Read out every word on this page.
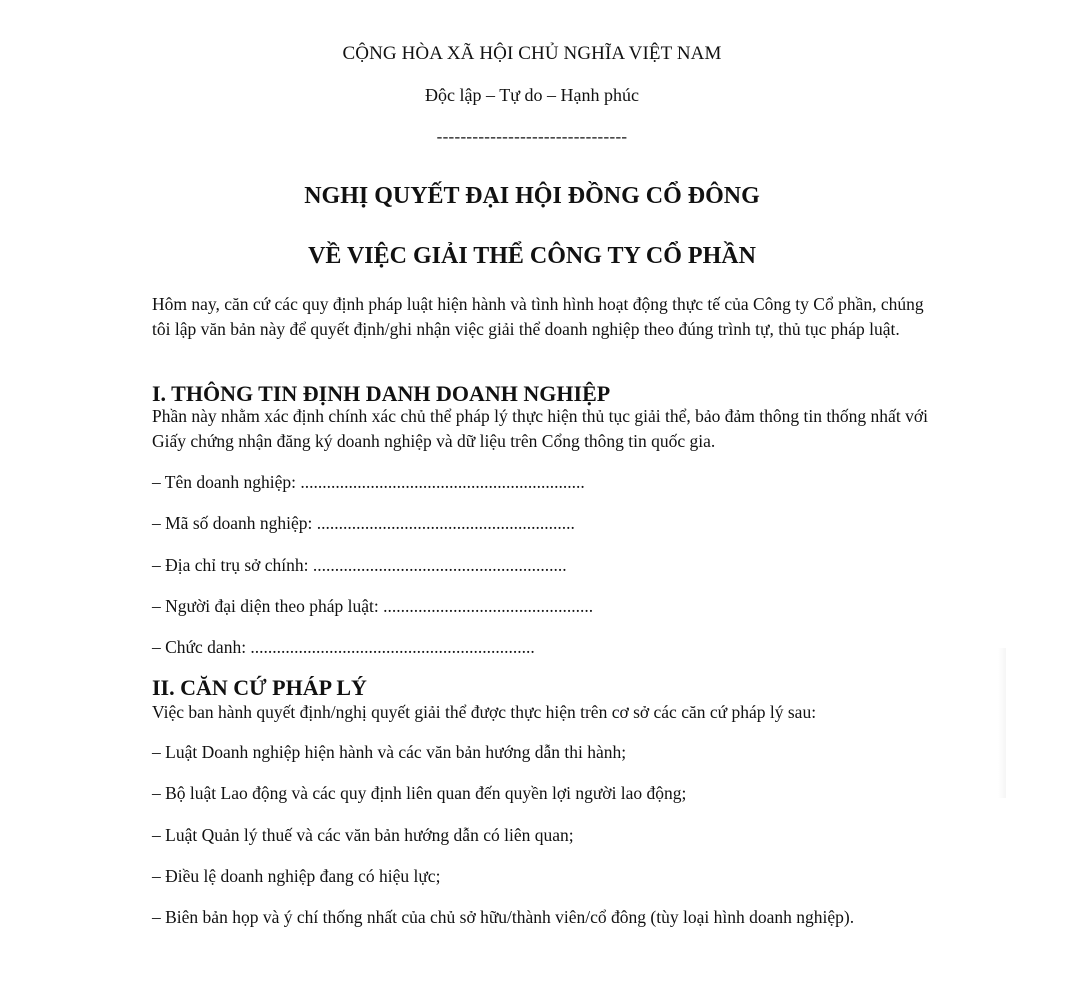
CỘNG HÒA XÃ HỘI CHỦ NGHĨA VIỆT NAM
Độc lập – Tự do – Hạnh phúc
--------------------------------
NGHỊ QUYẾT ĐẠI HỘI ĐỒNG CỔ ĐÔNG
VỀ VIỆC GIẢI THỂ CÔNG TY CỔ PHẦN
Hôm nay, căn cứ các quy định pháp luật hiện hành và tình hình hoạt động thực tế của Công ty Cổ phần, chúng tôi lập văn bản này để quyết định/ghi nhận việc giải thể doanh nghiệp theo đúng trình tự, thủ tục pháp luật.
I. THÔNG TIN ĐỊNH DANH DOANH NGHIỆP
Phần này nhằm xác định chính xác chủ thể pháp lý thực hiện thủ tục giải thể, bảo đảm thông tin thống nhất với Giấy chứng nhận đăng ký doanh nghiệp và dữ liệu trên Cổng thông tin quốc gia.
– Tên doanh nghiệp: .................................................................
– Mã số doanh nghiệp: ...........................................................
– Địa chỉ trụ sở chính: ..........................................................
– Người đại diện theo pháp luật: ................................................
– Chức danh: .................................................................
II. CĂN CỨ PHÁP LÝ
Việc ban hành quyết định/nghị quyết giải thể được thực hiện trên cơ sở các căn cứ pháp lý sau:
– Luật Doanh nghiệp hiện hành và các văn bản hướng dẫn thi hành;
– Bộ luật Lao động và các quy định liên quan đến quyền lợi người lao động;
– Luật Quản lý thuế và các văn bản hướng dẫn có liên quan;
– Điều lệ doanh nghiệp đang có hiệu lực;
– Biên bản họp và ý chí thống nhất của chủ sở hữu/thành viên/cổ đông (tùy loại hình doanh nghiệp).
